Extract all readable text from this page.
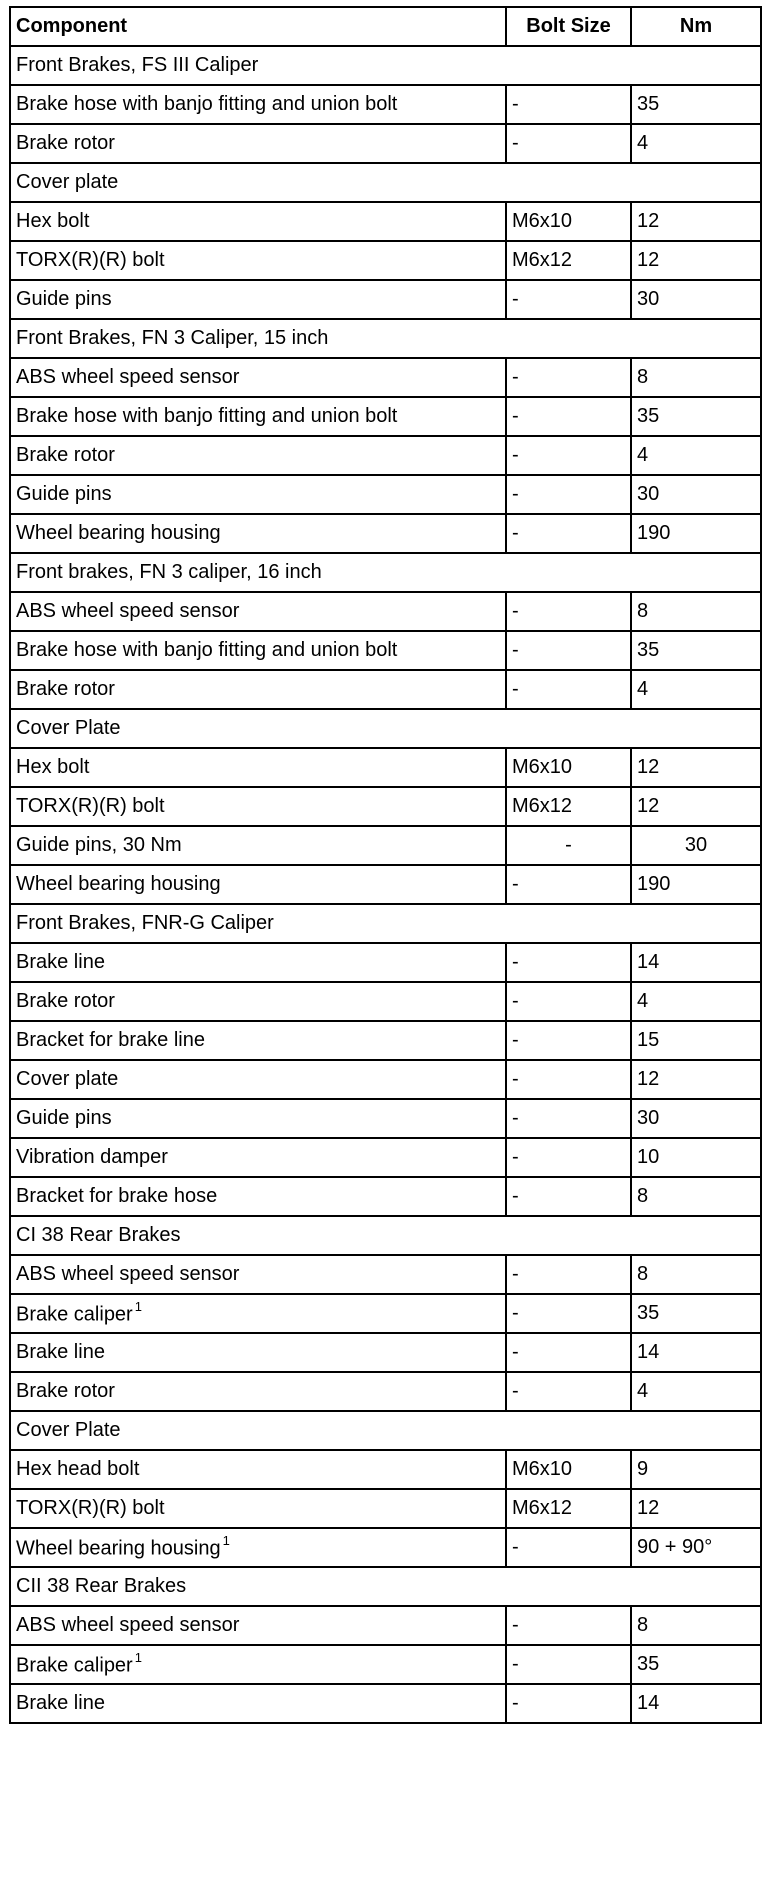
Component	Bolt Size	Nm
Front Brakes, FS III Caliper		
Brake hose with banjo fitting and union bolt	-	35
Brake rotor	-	4
Cover plate		
Hex bolt	M6x10	12
TORX(R)(R) bolt	M6x12	12
Guide pins	-	30
Front Brakes, FN 3 Caliper, 15 inch		
ABS wheel speed sensor	-	8
Brake hose with banjo fitting and union bolt	-	35
Brake rotor	-	4
Guide pins	-	30
Wheel bearing housing	-	190
Front brakes, FN 3 caliper, 16 inch		
ABS wheel speed sensor	-	8
Brake hose with banjo fitting and union bolt	-	35
Brake rotor	-	4
Cover Plate		
Hex bolt	M6x10	12
TORX(R)(R) bolt	M6x12	12
Guide pins, 30 Nm	-	30
Wheel bearing housing	-	190
Front Brakes, FNR-G Caliper		
Brake line	-	14
Brake rotor	-	4
Bracket for brake line	-	15
Cover plate	-	12
Guide pins	-	30
Vibration damper	-	10
Bracket for brake hose	-	8
CI 38 Rear Brakes		
ABS wheel speed sensor	-	8
Brake caliper $^1$	-	35
Brake line	-	14
Brake rotor	-	4
Cover Plate		
Hex head bolt	M6x10	9
TORX(R)(R) bolt	M6x12	12
Wheel bearing housing $^1$	-	90 + 90°
CII 38 Rear Brakes		
ABS wheel speed sensor	-	8
Brake caliper $^1$	-	35
Brake line	-	14
